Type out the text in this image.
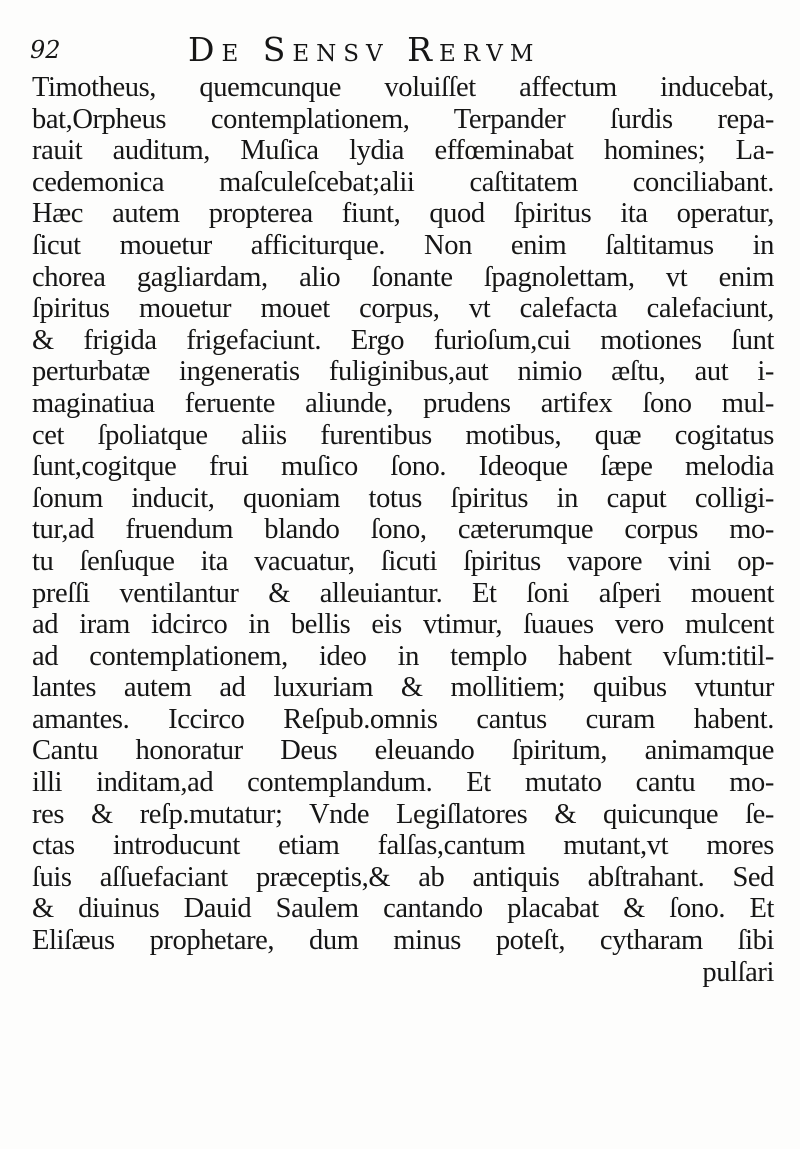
92	De Sensv Rervm
Timotheus, quemcunque voluiſſet affectum inducebat,
bat,Orpheus contemplationem, Terpander ſurdis repa-
rauit auditum, Muſica lydia effœminabat homines; La-
cedemonica maſculeſcebat;alii caſtitatem conciliabant.
Hæc autem propterea fiunt, quod ſpiritus ita operatur,
ſicut mouetur afficiturque. Non enim ſaltitamus in
chorea gagliardam, alio ſonante ſpagnolettam, vt enim
ſpiritus mouetur mouet corpus, vt calefacta calefaciunt,
& frigida frigefaciunt. Ergo furioſum,cui motiones ſunt
perturbatæ ingeneratis fuliginibus,aut nimio æſtu, aut i-
maginatiua feruente aliunde, prudens artifex ſono mul-
cet ſpoliatque aliis furentibus motibus, quæ cogitatus
ſunt,cogitque frui muſico ſono. Ideoque ſæpe melodia
ſonum inducit, quoniam totus ſpiritus in caput colligi-
tur,ad fruendum blando ſono, cæterumque corpus mo-
tu ſenſuque ita vacuatur, ſicuti ſpiritus vapore vini op-
preſſi ventilantur & alleuiantur. Et ſoni aſperi mouent
ad iram idcirco in bellis eis vtimur, ſuaues vero mulcent
ad contemplationem, ideo in templo habent vſum:titil-
lantes autem ad luxuriam & mollitiem; quibus vtuntur
amantes. Iccirco Reſpub.omnis cantus curam habent.
Cantu honoratur Deus eleuando ſpiritum, animamque
illi inditam,ad contemplandum. Et mutato cantu mo-
res & reſp.mutatur; Vnde Legiſlatores & quicunque ſe-
ctas introducunt etiam falſas,cantum mutant,vt mores
ſuis aſſuefaciant præceptis,& ab antiquis abſtrahant. Sed
& diuinus Dauid Saulem cantando placabat & ſono. Et
Eliſæus prophetare, dum minus poteſt, cytharam ſibi
pulſari
